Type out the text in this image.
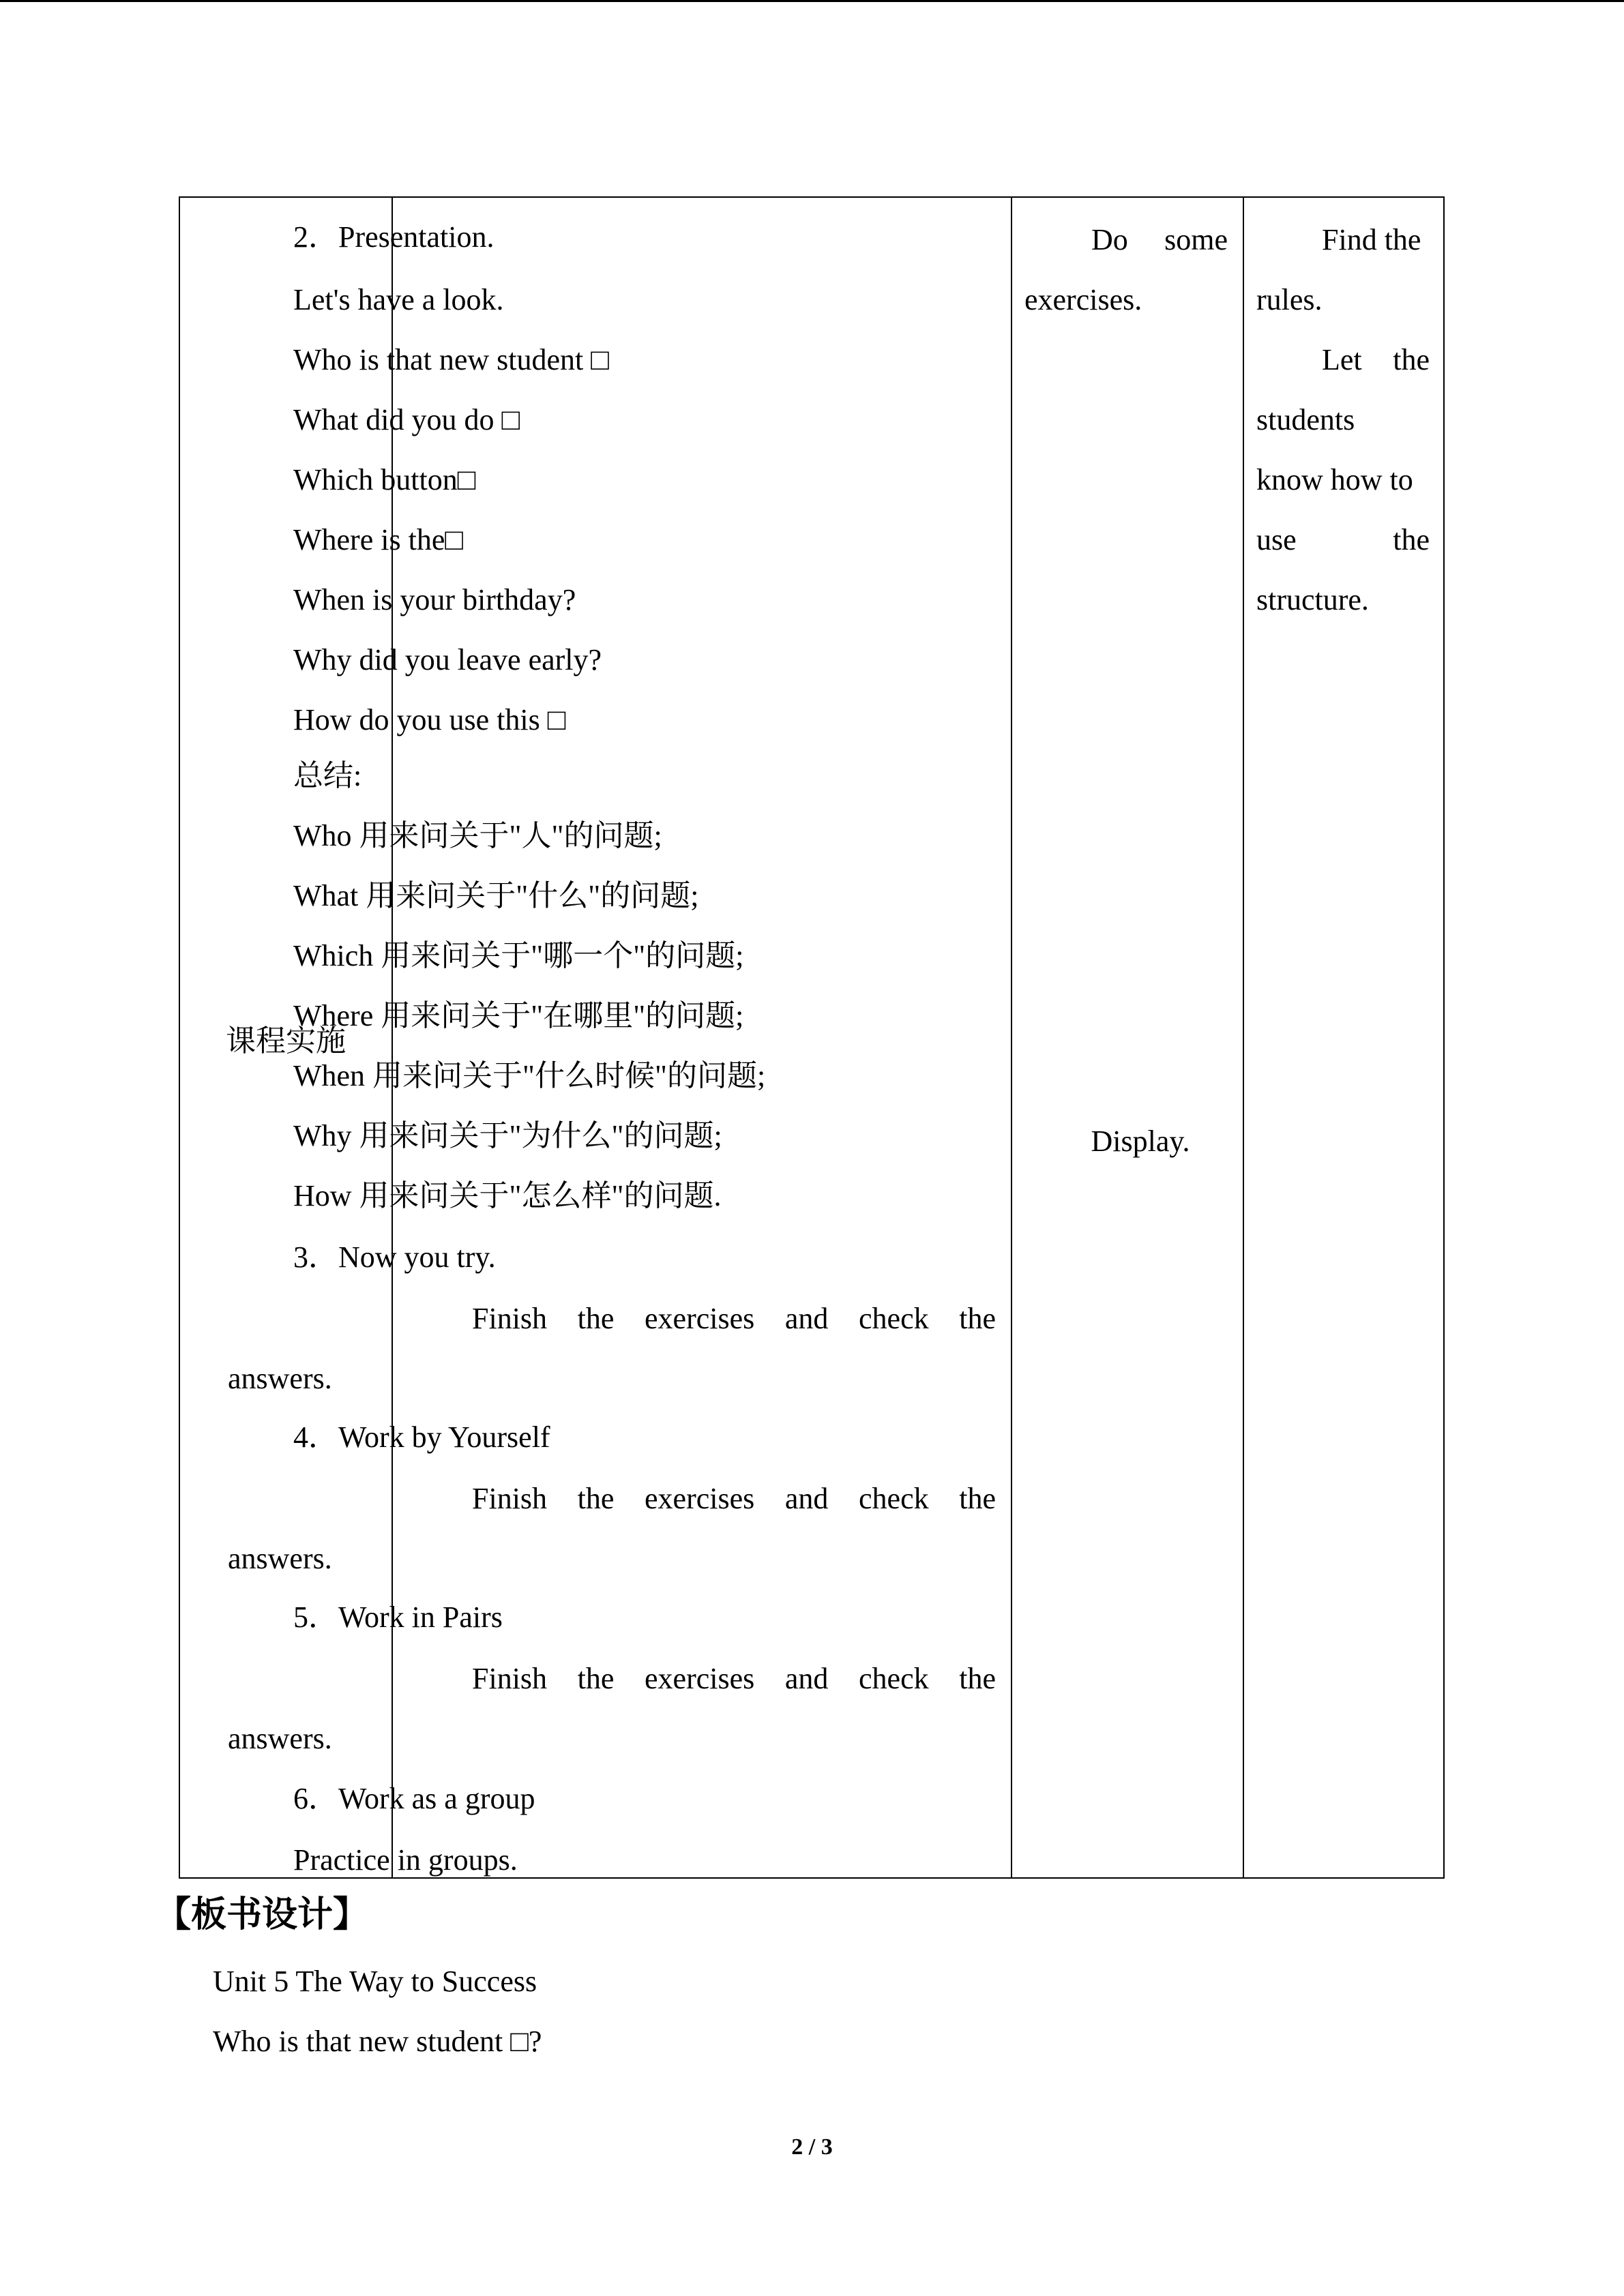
课程实施
2．Presentation.
Let's have a look.
Who is that new student □
What did you do □
Which button□
Where is the□
When is your birthday?
Why did you leave early?
How do you use this □
总结:
Who 用来问关于"人"的问题;
What 用来问关于"什么"的问题;
Which 用来问关于"哪一个"的问题;
Where 用来问关于"在哪里"的问题;
When 用来问关于"什么时候"的问题;
Why 用来问关于"为什么"的问题;
How 用来问关于"怎么样"的问题.
3．Now you try.
Finish the exercises and check the
answers.
4．Work by Yourself
Finish the exercises and check the
answers.
5．Work in Pairs
Finish the exercises and check the
answers.
6．Work as a group
Practice in groups.
Do some
exercises.
Display.
Find the
rules.
Let the
students
know how to
use the
structure.
【板书设计】
Unit 5 The Way to Success
Who is that new student □?
2 / 3
